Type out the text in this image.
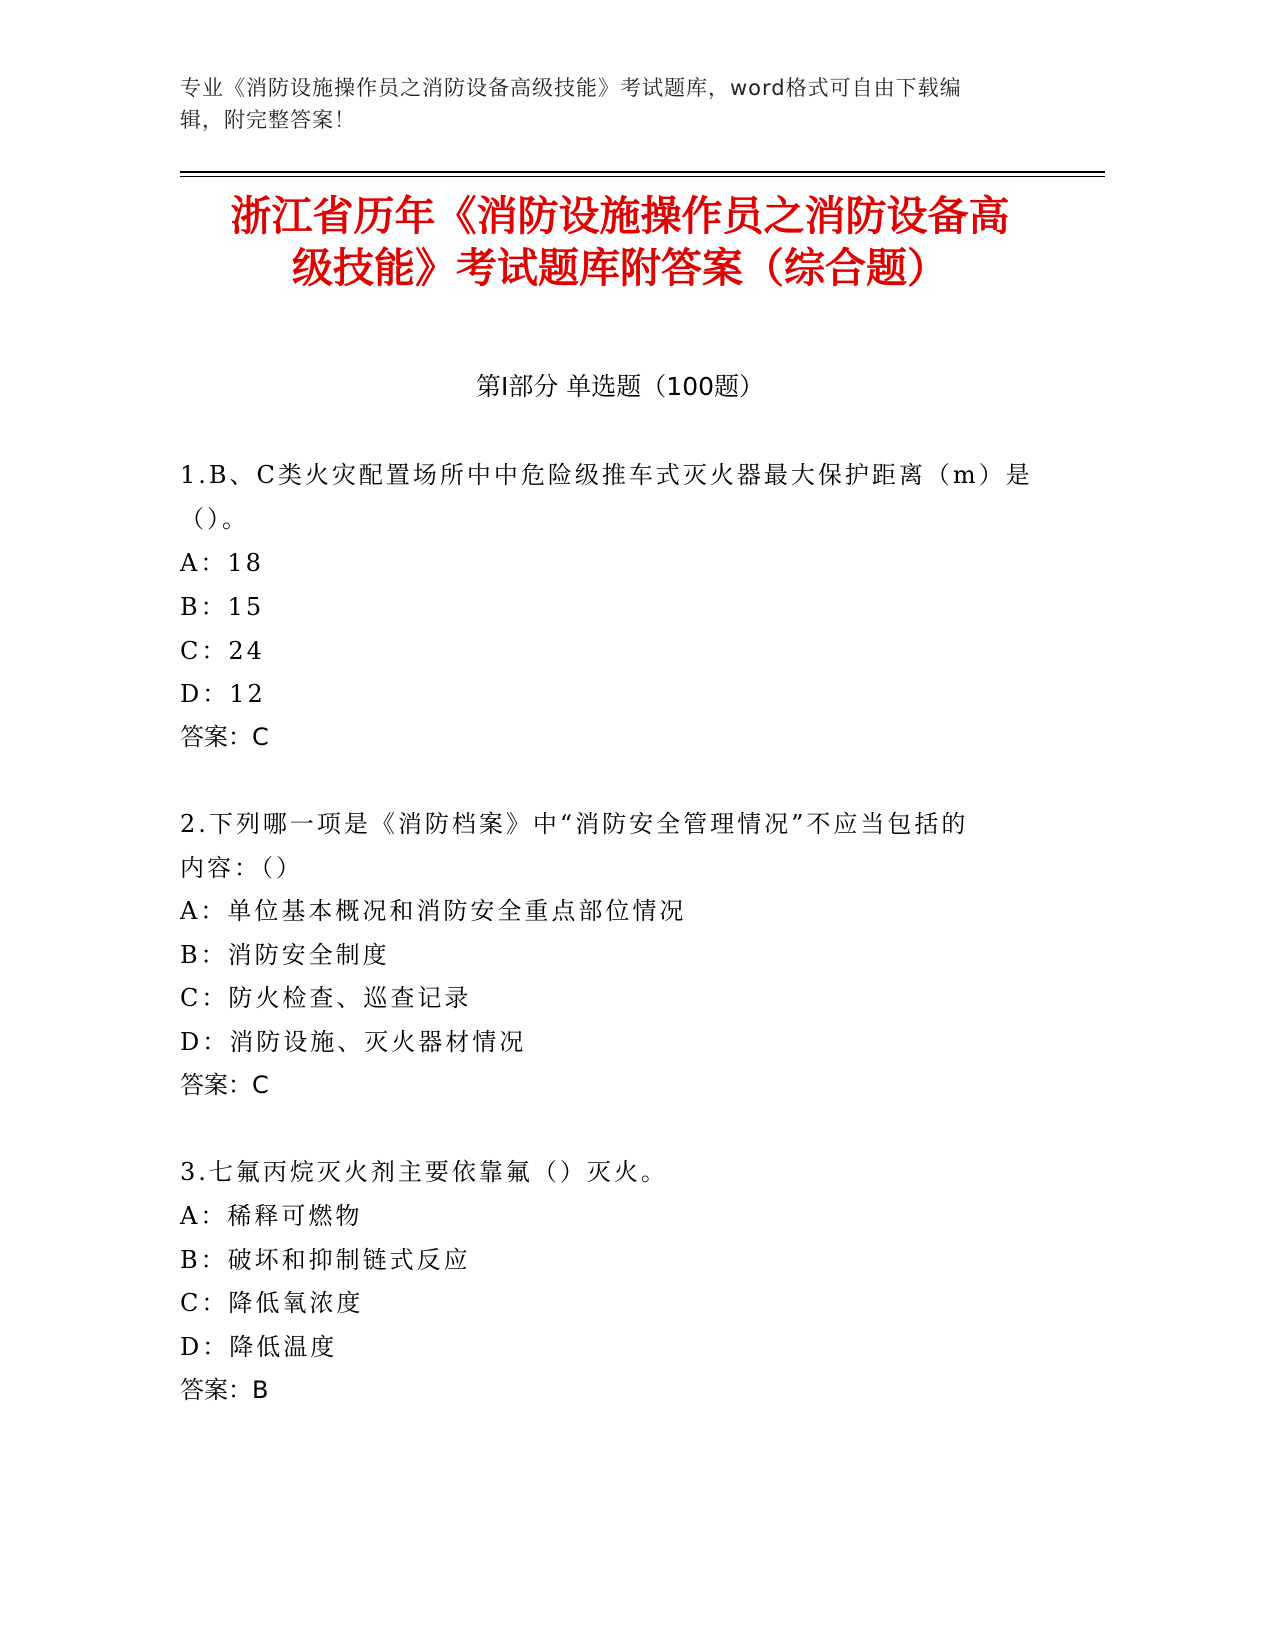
专业《消防设施操作员之消防设备高级技能》考试题库，word格式可自由下载编
辑，附完整答案！
浙江省历年《消防设施操作员之消防设备高
级技能》考试题库附答案（综合题）
第Ⅰ部分 单选题（100题）
1.B、C类火灾配置场所中中危险级推车式灭火器最大保护距离（m）是
（）。
A：18
B：15
C：24
D：12
答案：C
2.下列哪一项是《消防档案》中“消防安全管理情况”不应当包括的
内容：（）
A：单位基本概况和消防安全重点部位情况
B：消防安全制度
C：防火检查、巡查记录
D：消防设施、灭火器材情况
答案：C
3.七氟丙烷灭火剂主要依靠氟（）灭火。
A：稀释可燃物
B：破坏和抑制链式反应
C：降低氧浓度
D：降低温度
答案：B
